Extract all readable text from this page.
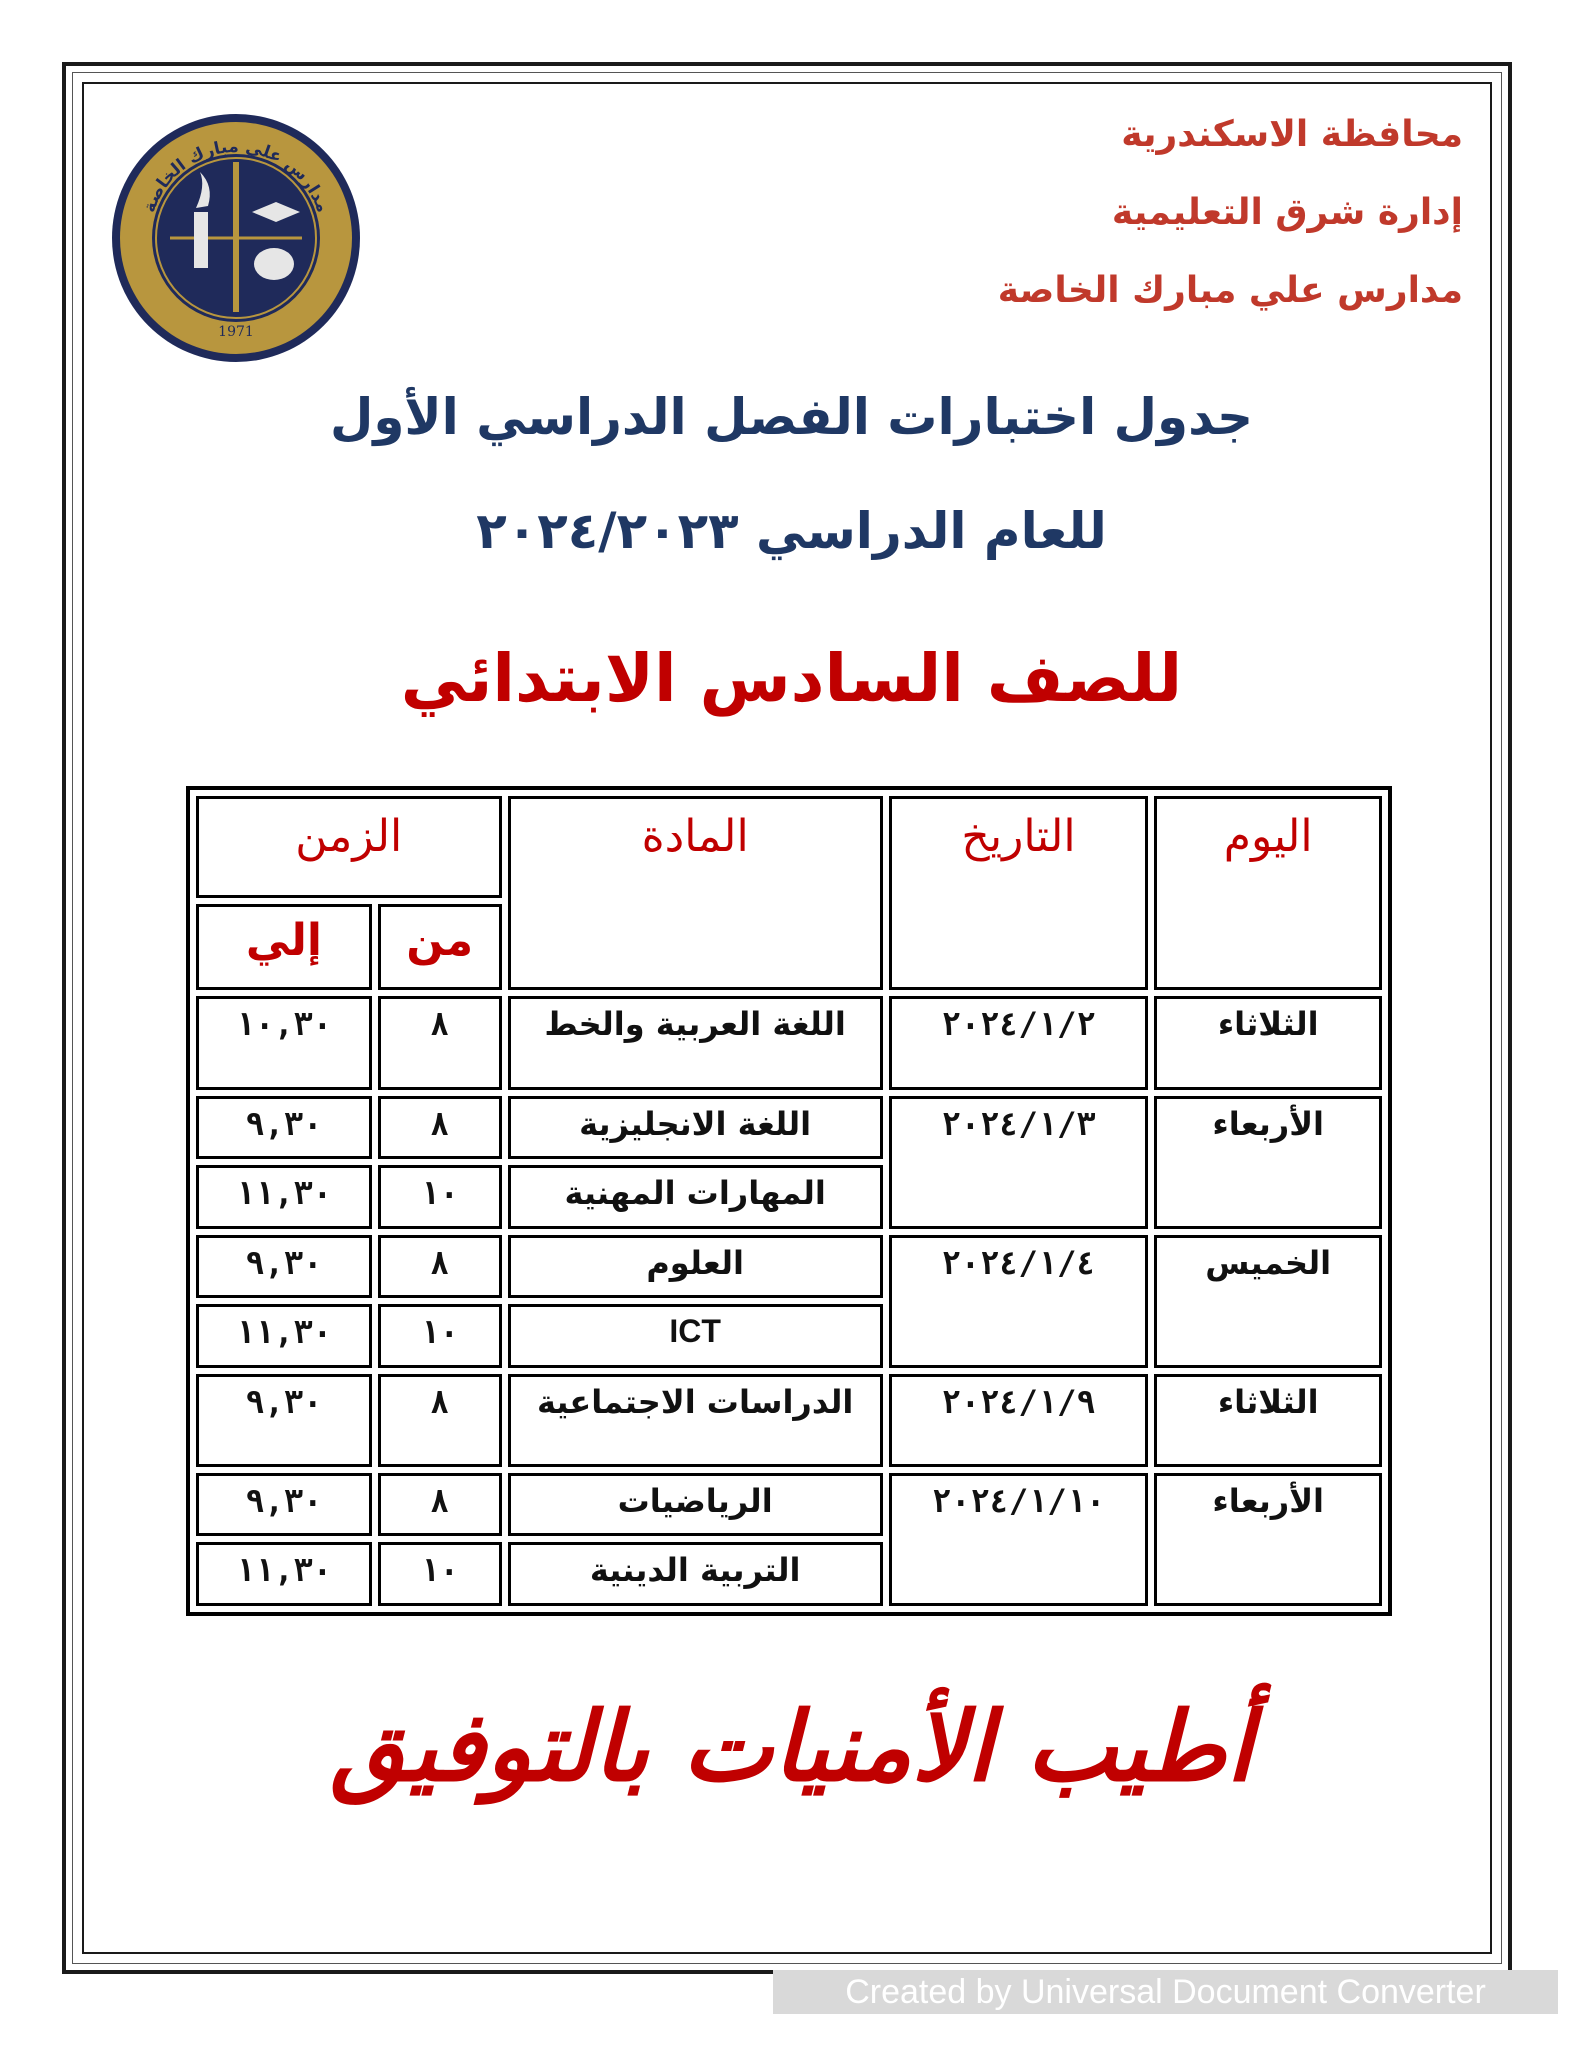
محافظة الاسكندرية
إدارة شرق التعليمية
مدارس علي مبارك الخاصة
مدارس علي مبارك الخاصة
1971
جدول اختبارات الفصل الدراسي الأول
للعام الدراسي ٢٠٢٤/٢٠٢٣
للصف السادس الابتدائي
اليوم	التاريخ	المادة	الزمن	
			من	إلي
الثلاثاء	٢٠٢٤/١/٢	اللغة العربية والخط	٨	١٠,٣٠
الأربعاء	٢٠٢٤/١/٣	اللغة الانجليزية	٨	٩,٣٠
		المهارات المهنية	١٠	١١,٣٠
الخميس	٢٠٢٤/١/٤	العلوم	٨	٩,٣٠
		ICT	١٠	١١,٣٠
الثلاثاء	٢٠٢٤/١/٩	الدراسات الاجتماعية	٨	٩,٣٠
الأربعاء	٢٠٢٤/١/١٠	الرياضيات	٨	٩,٣٠
		التربية الدينية	١٠	١١,٣٠
أطيب الأمنيات بالتوفيق
Created by Universal Document Converter
